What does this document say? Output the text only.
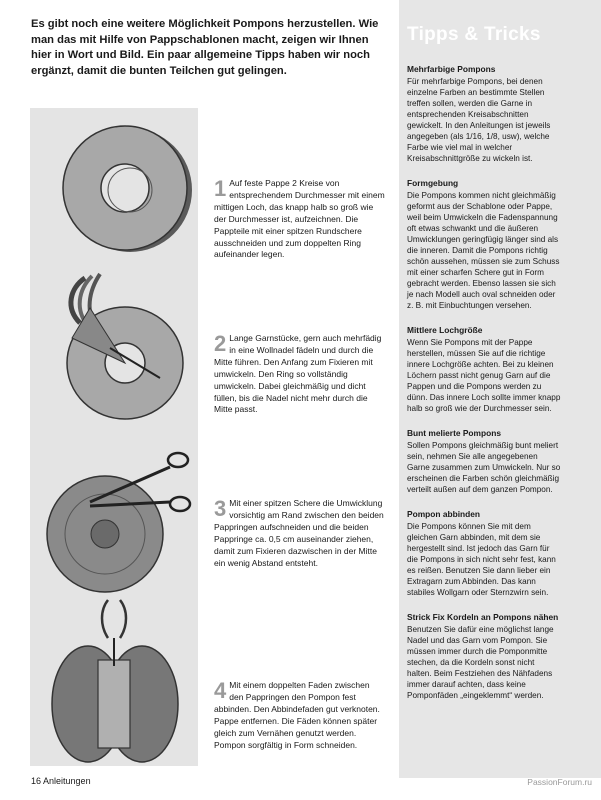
Es gibt noch eine weitere Möglichkeit Pompons herzustellen. Wie man das mit Hilfe von Pappschablonen macht, zeigen wir Ihnen hier in Wort und Bild. Ein paar allgemeine Tipps haben wir noch ergänzt, damit die bunten Teilchen gut gelingen.

1 Auf feste Pappe 2 Kreise von entsprechendem Durchmesser mit einem mittigen Loch, das knapp halb so groß wie der Durchmesser ist, aufzeichnen. Die Pappteile mit einer spitzen Rundschere ausschneiden und zum doppelten Ring aufeinander legen.
2 Lange Garnstücke, gern auch mehrfädig in eine Wollnadel fädeln und durch die Mitte führen. Den Anfang zum Fixieren mit umwickeln. Den Ring so vollständig umwickeln. Dabei gleichmäßig und dicht füllen, bis die Nadel nicht mehr durch die Mitte passt.
3 Mit einer spitzen Schere die Umwicklung vorsichtig am Rand zwischen den beiden Pappringen aufschneiden und die beiden Pappringe ca. 0,5 cm auseinander ziehen, damit zum Fixieren dazwischen in der Mitte ein wenig Abstand entsteht.
4 Mit einem doppelten Faden zwischen den Pappringen den Pompon fest abbinden. Den Abbindefaden gut verknoten. Pappe entfernen. Die Fäden können später gleich zum Vernähen genutzt werden. Pompon sorgfältig in Form schneiden.
Tipps & Tricks
Mehrfarbige Pompons

Für mehrfarbige Pompons, bei denen einzelne Farben an bestimmte Stellen treffen sollen, werden die Garne in entsprechenden Kreisabschnitten gewickelt. In den Anleitungen ist jeweils angegeben (als 1/16, 1/8, usw), welche Farbe wie viel mal in welcher Kreisabschnittgröße zu wickeln ist.

Formgebung

Die Pompons kommen nicht gleichmäßig geformt aus der Schablone oder Pappe, weil beim Umwickeln die Fadenspannung oft etwas schwankt und die äußeren Umwicklungen geringfügig länger sind als die inneren. Damit die Pompons richtig schön aussehen, müssen sie zum Schuss mit einer scharfen Schere gut in Form gebracht werden. Ebenso lassen sie sich je nach Modell auch oval schneiden oder z. B. mit Einbuchtungen versehen.

Mittlere Lochgröße

Wenn Sie Pompons mit der Pappe herstellen, müssen Sie auf die richtige innere Lochgröße achten. Bei zu kleinen Löchern passt nicht genug Garn auf die Pappen und die Pompons werden zu dünn. Das innere Loch sollte immer knapp halb so groß wie der Durchmesser sein.

Bunt melierte Pompons

Sollen Pompons gleichmäßig bunt meliert sein, nehmen Sie alle angegebenen Garne zusammen zum Umwickeln. Nur so erscheinen die Farben schön gleichmäßig verteilt außen auf dem ganzen Pompon.

Pompon abbinden

Die Pompons können Sie mit dem gleichen Garn abbinden, mit dem sie hergestellt sind. Ist jedoch das Garn für die Pompons in sich nicht sehr fest, kann es reißen. Benutzen Sie dann lieber ein Extragarn zum Abbinden. Das kann stabiles Wollgarn oder Sternzwirn sein.

Strick Fix Kordeln an Pompons nähen

Benutzen Sie dafür eine möglichst lange Nadel und das Garn vom Pompon. Sie müssen immer durch die Pomponmitte stechen, da die Kordeln sonst nicht halten. Beim Festziehen des Nähfadens immer darauf achten, dass keine Pomponfäden „eingeklemmt“ werden.

16 Anleitungen	PassionForum.ru
